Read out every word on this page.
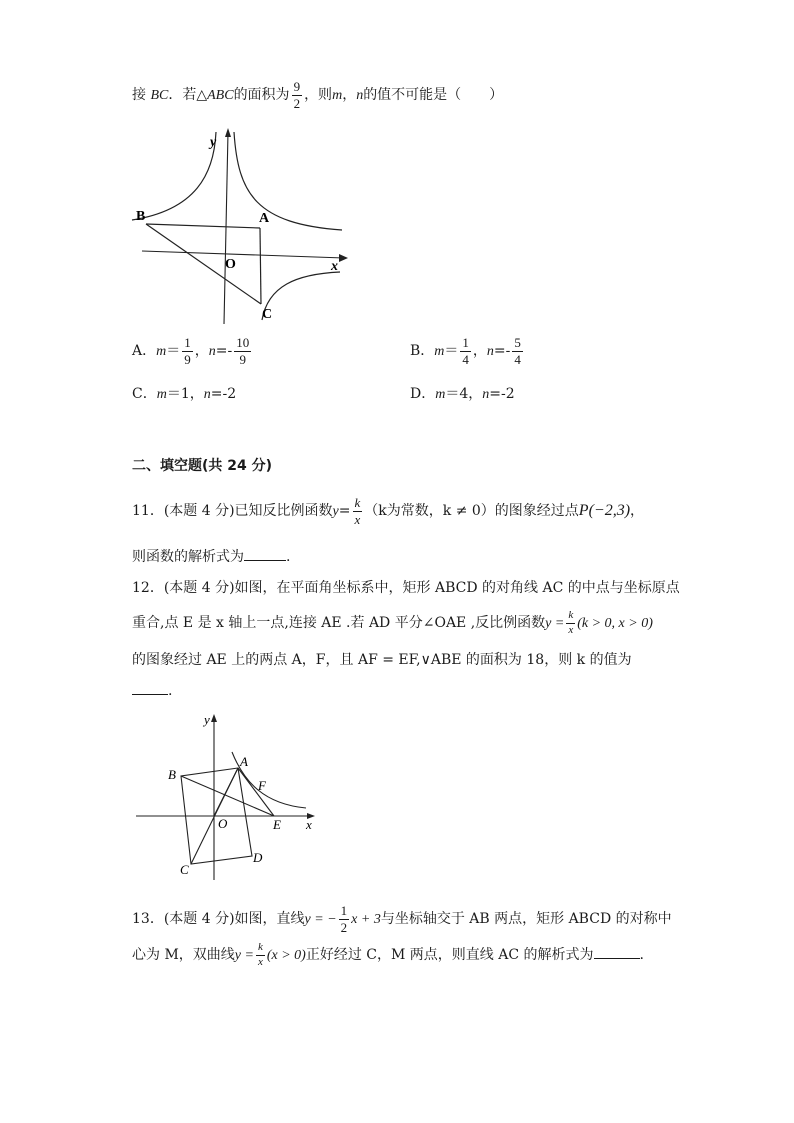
接 BC．若△ABC的面积为 $\frac{9}{2}$ ，则m，n的值不可能是（　　）
y
x
O
A
B
C
A．$m= \frac{1}{9}$ ，$n=- \frac{10}{9}$	B．$m= \frac{1}{4}$ ，$n=- \frac{5}{4}$
C．m＝1，n=-2	D．m＝4，n=-2
二、填空题(共 24 分)
11．(本题 4 分)已知反比例函数$y= \frac{k}{x} (k$为常数，k ≠ 0）的图象经过点P(−2,3)，
则函数的解析式为	.
12．(本题 4 分)如图，在平面角坐标系中，矩形 ABCD 的对角线 AC 的中点与坐标原点
重合,点 E 是 x 轴上一点,连接 AE .若 AD 平分∠OAE ,反比例函数$y = \frac{k}{x} (k > 0$, x > 0)
的图象经过 AE 上的两点 A，F，且 AF = EF,∨ABE 的面积为 18，则 k 的值为
.
y
x
O
A
B
C
D
E
F
13．(本题 4 分)如图，直线y = − $\frac{1}{2}$ x + 3与坐标轴交于 AB 两点，矩形 ABCD 的对称中
心为 M，双曲线$y = \frac{k}{x} (x > 0)$正好经过 C，M 两点，则直线 AC 的解析式为	.
